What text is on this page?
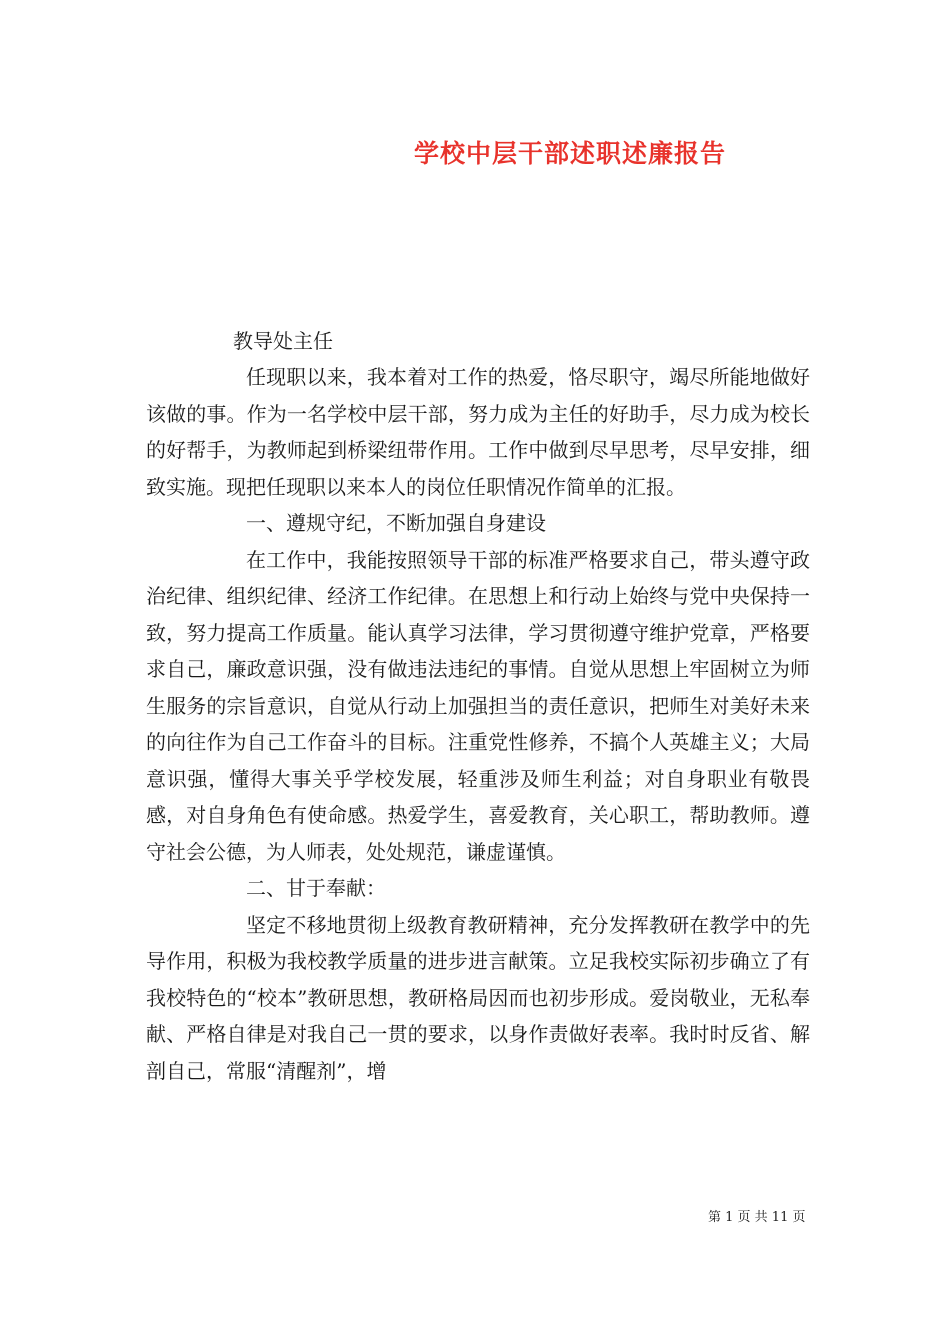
学校中层干部述职述廉报告

教导处主任

任现职以来，我本着对工作的热爱，恪尽职守，竭尽所能地做好该做的事。作为一名学校中层干部，努力成为主任的好助手，尽力成为校长的好帮手，为教师起到桥梁纽带作用。工作中做到尽早思考，尽早安排，细致实施。现把任现职以来本人的岗位任职情况作简单的汇报。

一、遵规守纪，不断加强自身建设

在工作中，我能按照领导干部的标准严格要求自己，带头遵守政治纪律、组织纪律、经济工作纪律。在思想上和行动上始终与党中央保持一致，努力提高工作质量。能认真学习法律，学习贯彻遵守维护党章，严格要求自己，廉政意识强，没有做违法违纪的事情。自觉从思想上牢固树立为师生服务的宗旨意识，自觉从行动上加强担当的责任意识，把师生对美好未来的向往作为自己工作奋斗的目标。注重党性修养，不搞个人英雄主义；大局意识强，懂得大事关乎学校发展，轻重涉及师生利益；对自身职业有敬畏感，对自身角色有使命感。热爱学生，喜爱教育，关心职工，帮助教师。遵守社会公德，为人师表，处处规范，谦虚谨慎。

二、甘于奉献：

坚定不移地贯彻上级教育教研精神，充分发挥教研在教学中的先导作用，积极为我校教学质量的进步进言献策。立足我校实际初步确立了有我校特色的“校本”教研思想，教研格局因而也初步形成。爱岗敬业，无私奉献、严格自律是对我自己一贯的要求，以身作责做好表率。我时时反省、解剖自己，常服“清醒剂”，增

第 1 页 共 11 页
